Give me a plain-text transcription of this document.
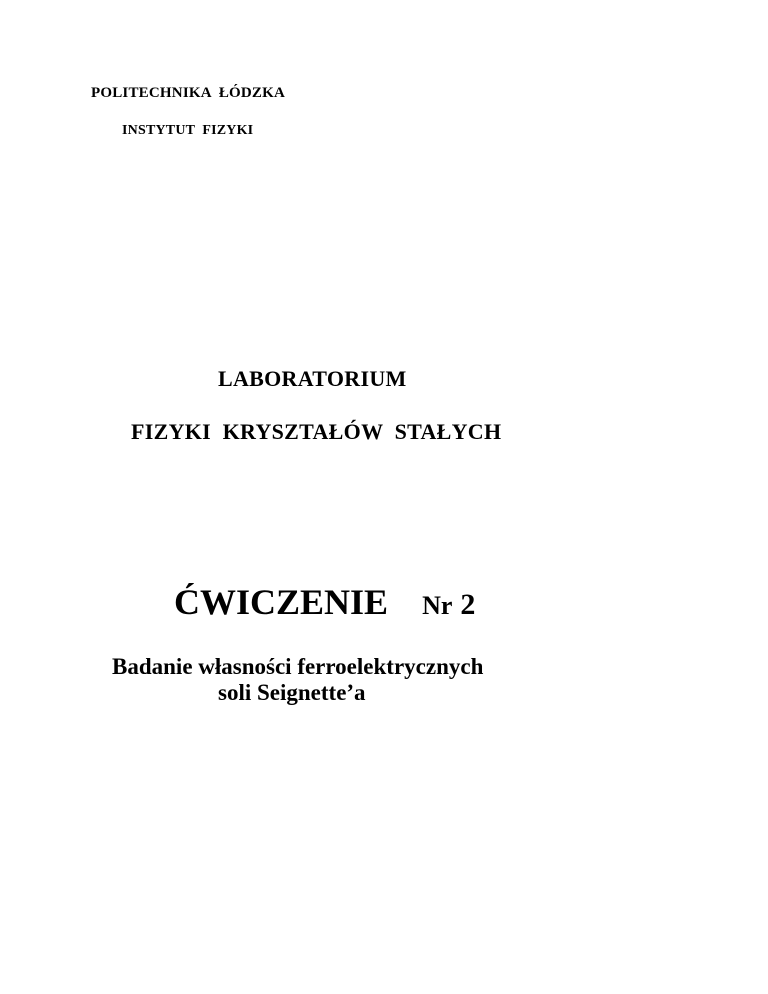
POLITECHNIKA  ŁÓDZKA

INSTYTUT  FIZYKI

LABORATORIUM

FIZYKI  KRYSZTAŁÓW  STAŁYCH

ĆWICZENIE Nr 2

Badanie własności ferroelektrycznych

soli Seignette’a
